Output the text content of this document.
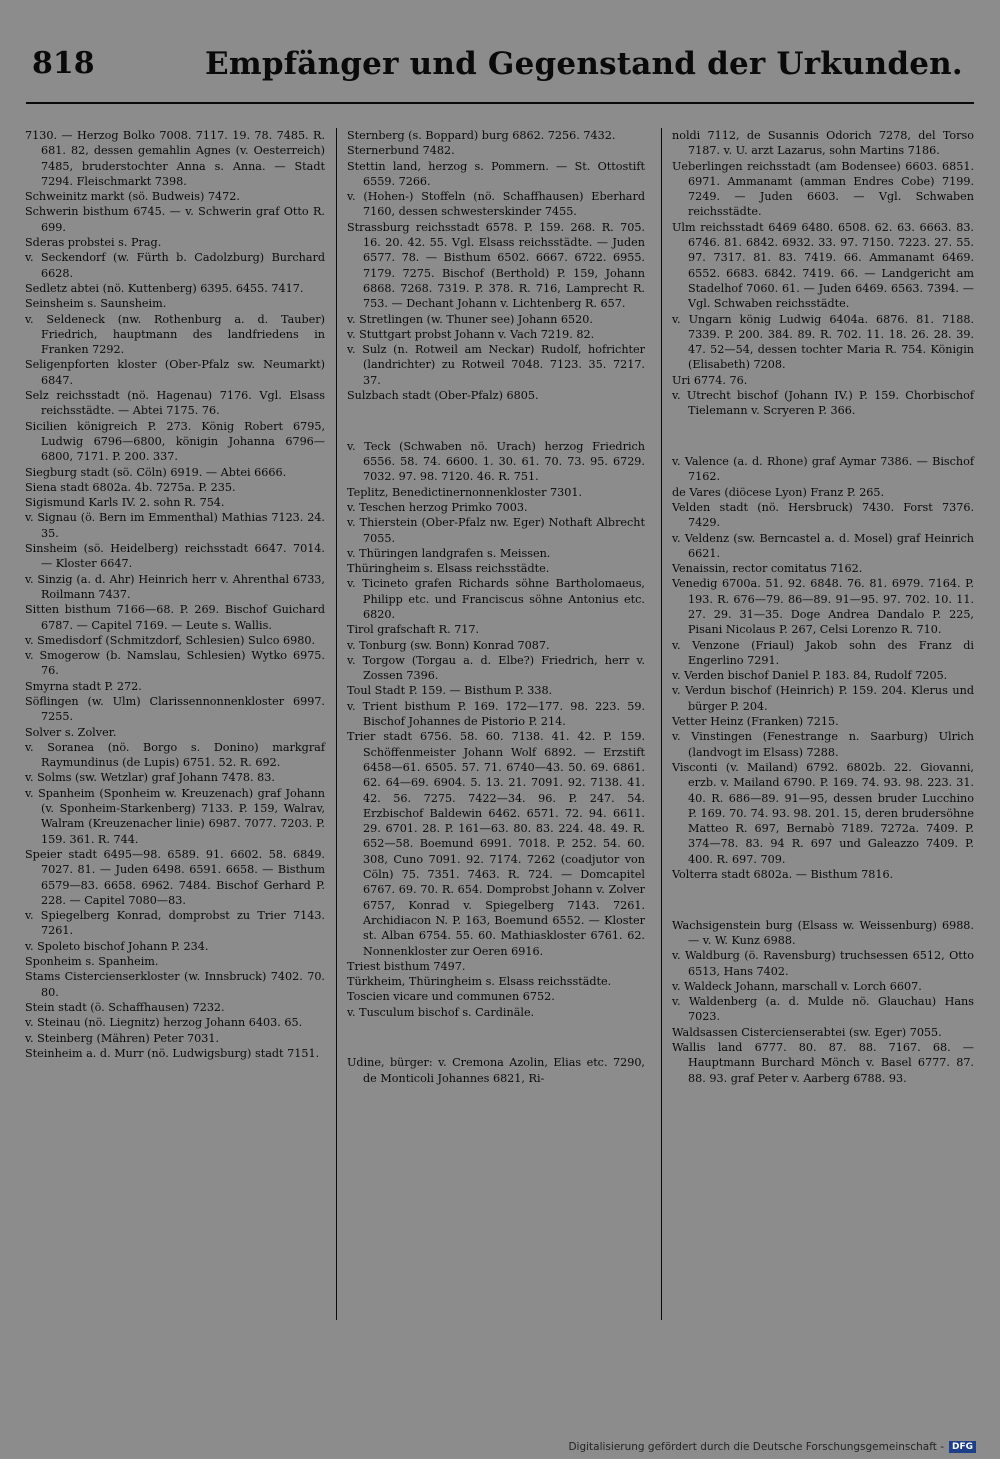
818	Empfänger und Gegenstand der Urkunden.

7130. — Herzog Bolko 7008. 7117. 19. 78. 7485. R. 681. 82, dessen gemahlin Agnes (v. Oesterreich) 7485, bruderstochter Anna s. Anna. — Stadt 7294. Fleischmarkt 7398.

Schweinitz markt (sö. Budweis) 7472.

Schwerin bisthum 6745. — v. Schwerin graf Otto R. 699.

Sderas probstei s. Prag.

v. Seckendorf (w. Fürth b. Cadolzburg) Burchard 6628.

Sedletz abtei (nö. Kuttenberg) 6395. 6455. 7417.

Seinsheim s. Saunsheim.

v. Seldeneck (nw. Rothenburg a. d. Tauber) Friedrich, hauptmann des landfriedens in Franken 7292.

Seligenpforten kloster (Ober-Pfalz sw. Neumarkt) 6847.

Selz reichsstadt (nö. Hagenau) 7176. Vgl. Elsass reichsstädte. — Abtei 7175. 76.

Sicilien königreich P. 273. König Robert 6795, Ludwig 6796—6800, königin Johanna 6796—6800, 7171. P. 200. 337.

Siegburg stadt (sö. Cöln) 6919. — Abtei 6666.

Siena stadt 6802a. 4b. 7275a. P. 235.

Sigismund Karls IV. 2. sohn R. 754.

v. Signau (ö. Bern im Emmenthal) Mathias 7123. 24. 35.

Sinsheim (sö. Heidelberg) reichsstadt 6647. 7014. — Kloster 6647.

v. Sinzig (a. d. Ahr) Heinrich herr v. Ahrenthal 6733, Roilmann 7437.

Sitten bisthum 7166—68. P. 269. Bischof Guichard 6787. — Capitel 7169. — Leute s. Wallis.

v. Smedisdorf (Schmitzdorf, Schlesien) Sulco 6980.

v. Smogerow (b. Namslau, Schlesien) Wytko 6975. 76.

Smyrna stadt P. 272.

Söflingen (w. Ulm) Clarissennonnenkloster 6997. 7255.

Solver s. Zolver.

v. Soranea (nö. Borgo s. Donino) markgraf Raymundinus (de Lupis) 6751. 52. R. 692.

v. Solms (sw. Wetzlar) graf Johann 7478. 83.

v. Spanheim (Sponheim w. Kreuzenach) graf Johann (v. Sponheim-Starkenberg) 7133. P. 159, Walrav, Walram (Kreuzenacher linie) 6987. 7077. 7203. P. 159. 361. R. 744.

Speier stadt 6495—98. 6589. 91. 6602. 58. 6849. 7027. 81. — Juden 6498. 6591. 6658. — Bisthum 6579—83. 6658. 6962. 7484. Bischof Gerhard P. 228. — Capitel 7080—83.

v. Spiegelberg Konrad, domprobst zu Trier 7143. 7261.

v. Spoleto bischof Johann P. 234.

Sponheim s. Spanheim.

Stams Cistercienserkloster (w. Innsbruck) 7402. 70. 80.

Stein stadt (ö. Schaffhausen) 7232.

v. Steinau (nö. Liegnitz) herzog Johann 6403. 65.

v. Steinberg (Mähren) Peter 7031.

Steinheim a. d. Murr (nö. Ludwigsburg) stadt 7151.

Sternberg (s. Boppard) burg 6862. 7256. 7432.

Sternerbund 7482.

Stettin land, herzog s. Pommern. — St. Ottostift 6559. 7266.

v. (Hohen-) Stoffeln (nö. Schaffhausen) Eberhard 7160, dessen schwesterskinder 7455.

Strassburg reichsstadt 6578. P. 159. 268. R. 705. 16. 20. 42. 55. Vgl. Elsass reichsstädte. — Juden 6577. 78. — Bisthum 6502. 6667. 6722. 6955. 7179. 7275. Bischof (Berthold) P. 159, Johann 6868. 7268. 7319. P. 378. R. 716, Lamprecht R. 753. — Dechant Johann v. Lichtenberg R. 657.

v. Stretlingen (w. Thuner see) Johann 6520.

v. Stuttgart probst Johann v. Vach 7219. 82.

v. Sulz (n. Rotweil am Neckar) Rudolf, hofrichter (landrichter) zu Rotweil 7048. 7123. 35. 7217. 37.

Sulzbach stadt (Ober-Pfalz) 6805.

v. Teck (Schwaben nö. Urach) herzog Friedrich 6556. 58. 74. 6600. 1. 30. 61. 70. 73. 95. 6729. 7032. 97. 98. 7120. 46. R. 751.

Teplitz, Benedictinernonnenkloster 7301.

v. Teschen herzog Primko 7003.

v. Thierstein (Ober-Pfalz nw. Eger) Nothaft Albrecht 7055.

v. Thüringen landgrafen s. Meissen.

Thüringheim s. Elsass reichsstädte.

v. Ticineto grafen Richards söhne Bartholomaeus, Philipp etc. und Franciscus söhne Antonius etc. 6820.

Tirol grafschaft R. 717.

v. Tonburg (sw. Bonn) Konrad 7087.

v. Torgow (Torgau a. d. Elbe?) Friedrich, herr v. Zossen 7396.

Toul Stadt P. 159. — Bisthum P. 338.

v. Trient bisthum P. 169. 172—177. 98. 223. 59. Bischof Johannes de Pistorio P. 214.

Trier stadt 6756. 58. 60. 7138. 41. 42. P. 159. Schöffenmeister Johann Wolf 6892. — Erzstift 6458—61. 6505. 57. 71. 6740—43. 50. 69. 6861. 62. 64—69. 6904. 5. 13. 21. 7091. 92. 7138. 41. 42. 56. 7275. 7422—34. 96. P. 247. 54. Erzbischof Baldewin 6462. 6571. 72. 94. 6611. 29. 6701. 28. P. 161—63. 80. 83. 224. 48. 49. R. 652—58. Boemund 6991. 7018. P. 252. 54. 60. 308, Cuno 7091. 92. 7174. 7262 (coadjutor von Cöln) 75. 7351. 7463. R. 724. — Domcapitel 6767. 69. 70. R. 654. Domprobst Johann v. Zolver 6757, Konrad v. Spiegelberg 7143. 7261. Archidiacon N. P. 163, Boemund 6552. — Kloster st. Alban 6754. 55. 60. Mathiaskloster 6761. 62. Nonnenkloster zur Oeren 6916.

Triest bisthum 7497.

Türkheim, Thüringheim s. Elsass reichsstädte.

Toscien vicare und communen 6752.

v. Tusculum bischof s. Cardinäle.

Udine, bürger: v. Cremona Azolin, Elias etc. 7290, de Monticoli Johannes 6821, Ri-

noldi 7112, de Susannis Odorich 7278, del Torso 7187. v. U. arzt Lazarus, sohn Martins 7186.

Ueberlingen reichsstadt (am Bodensee) 6603. 6851. 6971. Ammanamt (amman Endres Cobe) 7199. 7249. — Juden 6603. — Vgl. Schwaben reichsstädte.

Ulm reichsstadt 6469 6480. 6508. 62. 63. 6663. 83. 6746. 81. 6842. 6932. 33. 97. 7150. 7223. 27. 55. 97. 7317. 81. 83. 7419. 66. Ammanamt 6469. 6552. 6683. 6842. 7419. 66. — Landgericht am Stadelhof 7060. 61. — Juden 6469. 6563. 7394. — Vgl. Schwaben reichsstädte.

v. Ungarn könig Ludwig 6404a. 6876. 81. 7188. 7339. P. 200. 384. 89. R. 702. 11. 18. 26. 28. 39. 47. 52—54, dessen tochter Maria R. 754. Königin (Elisabeth) 7208.

Uri 6774. 76.

v. Utrecht bischof (Johann IV.) P. 159. Chorbischof Tielemann v. Scryeren P. 366.

v. Valence (a. d. Rhone) graf Aymar 7386. — Bischof 7162.

de Vares (diöcese Lyon) Franz P. 265.

Velden stadt (nö. Hersbruck) 7430. Forst 7376. 7429.

v. Veldenz (sw. Berncastel a. d. Mosel) graf Heinrich 6621.

Venaissin, rector comitatus 7162.

Venedig 6700a. 51. 92. 6848. 76. 81. 6979. 7164. P. 193. R. 676—79. 86—89. 91—95. 97. 702. 10. 11. 27. 29. 31—35. Doge Andrea Dandalo P. 225, Pisani Nicolaus P. 267, Celsi Lorenzo R. 710.

v. Venzone (Friaul) Jakob sohn des Franz di Engerlino 7291.

v. Verden bischof Daniel P. 183. 84, Rudolf 7205.

v. Verdun bischof (Heinrich) P. 159. 204. Klerus und bürger P. 204.

Vetter Heinz (Franken) 7215.

v. Vinstingen (Fenestrange n. Saarburg) Ulrich (landvogt im Elsass) 7288.

Visconti (v. Mailand) 6792. 6802b. 22. Giovanni, erzb. v. Mailand 6790. P. 169. 74. 93. 98. 223. 31. 40. R. 686—89. 91—95, dessen bruder Lucchino P. 169. 70. 74. 93. 98. 201. 15, deren brudersöhne Matteo R. 697, Bernabò 7189. 7272a. 7409. P. 374—78. 83. 94 R. 697 und Galeazzo 7409. P. 400. R. 697. 709.

Volterra stadt 6802a. — Bisthum 7816.

Wachsigenstein burg (Elsass w. Weissenburg) 6988. — v. W. Kunz 6988.

v. Waldburg (ö. Ravensburg) truchsessen 6512, Otto 6513, Hans 7402.

v. Waldeck Johann, marschall v. Lorch 6607.

v. Waldenberg (a. d. Mulde nö. Glauchau) Hans 7023.

Waldsassen Cistercienserabtei (sw. Eger) 7055.

Wallis land 6777. 80. 87. 88. 7167. 68. — Hauptmann Burchard Mönch v. Basel 6777. 87. 88. 93. graf Peter v. Aarberg 6788. 93.

Digitalisierung gefördert durch die Deutsche Forschungsgemeinschaft - DFG
